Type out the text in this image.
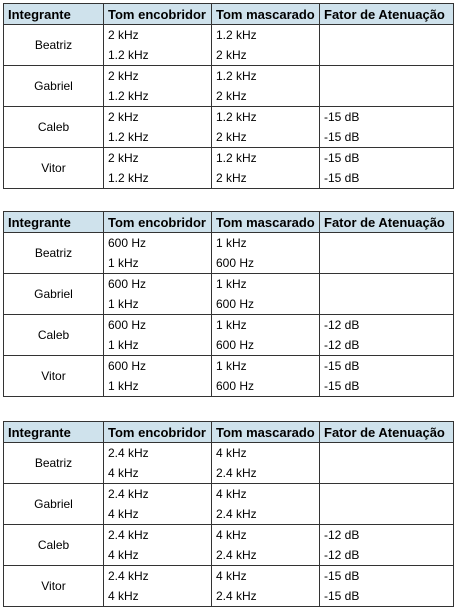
Integrante	Tom encobridor	Tom mascarado	Fator de Atenuação
Beatriz	2 kHz	1.2 kHz	
	1.2 kHz	2 kHz	
Gabriel	2 kHz	1.2 kHz	
	1.2 kHz	2 kHz	
Caleb	2 kHz	1.2 kHz	-15 dB
	1.2 kHz	2 kHz	-15 dB
Vitor	2 kHz	1.2 kHz	-15 dB
	1.2 kHz	2 kHz	-15 dB
Integrante	Tom encobridor	Tom mascarado	Fator de Atenuação
Beatriz	600 Hz	1 kHz	
	1 kHz	600 Hz	
Gabriel	600 Hz	1 kHz	
	1 kHz	600 Hz	
Caleb	600 Hz	1 kHz	-12 dB
	1 kHz	600 Hz	-12 dB
Vitor	600 Hz	1 kHz	-15 dB
	1 kHz	600 Hz	-15 dB
Integrante	Tom encobridor	Tom mascarado	Fator de Atenuação
Beatriz	2.4 kHz	4 kHz	
	4 kHz	2.4 kHz	
Gabriel	2.4 kHz	4 kHz	
	4 kHz	2.4 kHz	
Caleb	2.4 kHz	4 kHz	-12 dB
	4 kHz	2.4 kHz	-12 dB
Vitor	2.4 kHz	4 kHz	-15 dB
	4 kHz	2.4 kHz	-15 dB
